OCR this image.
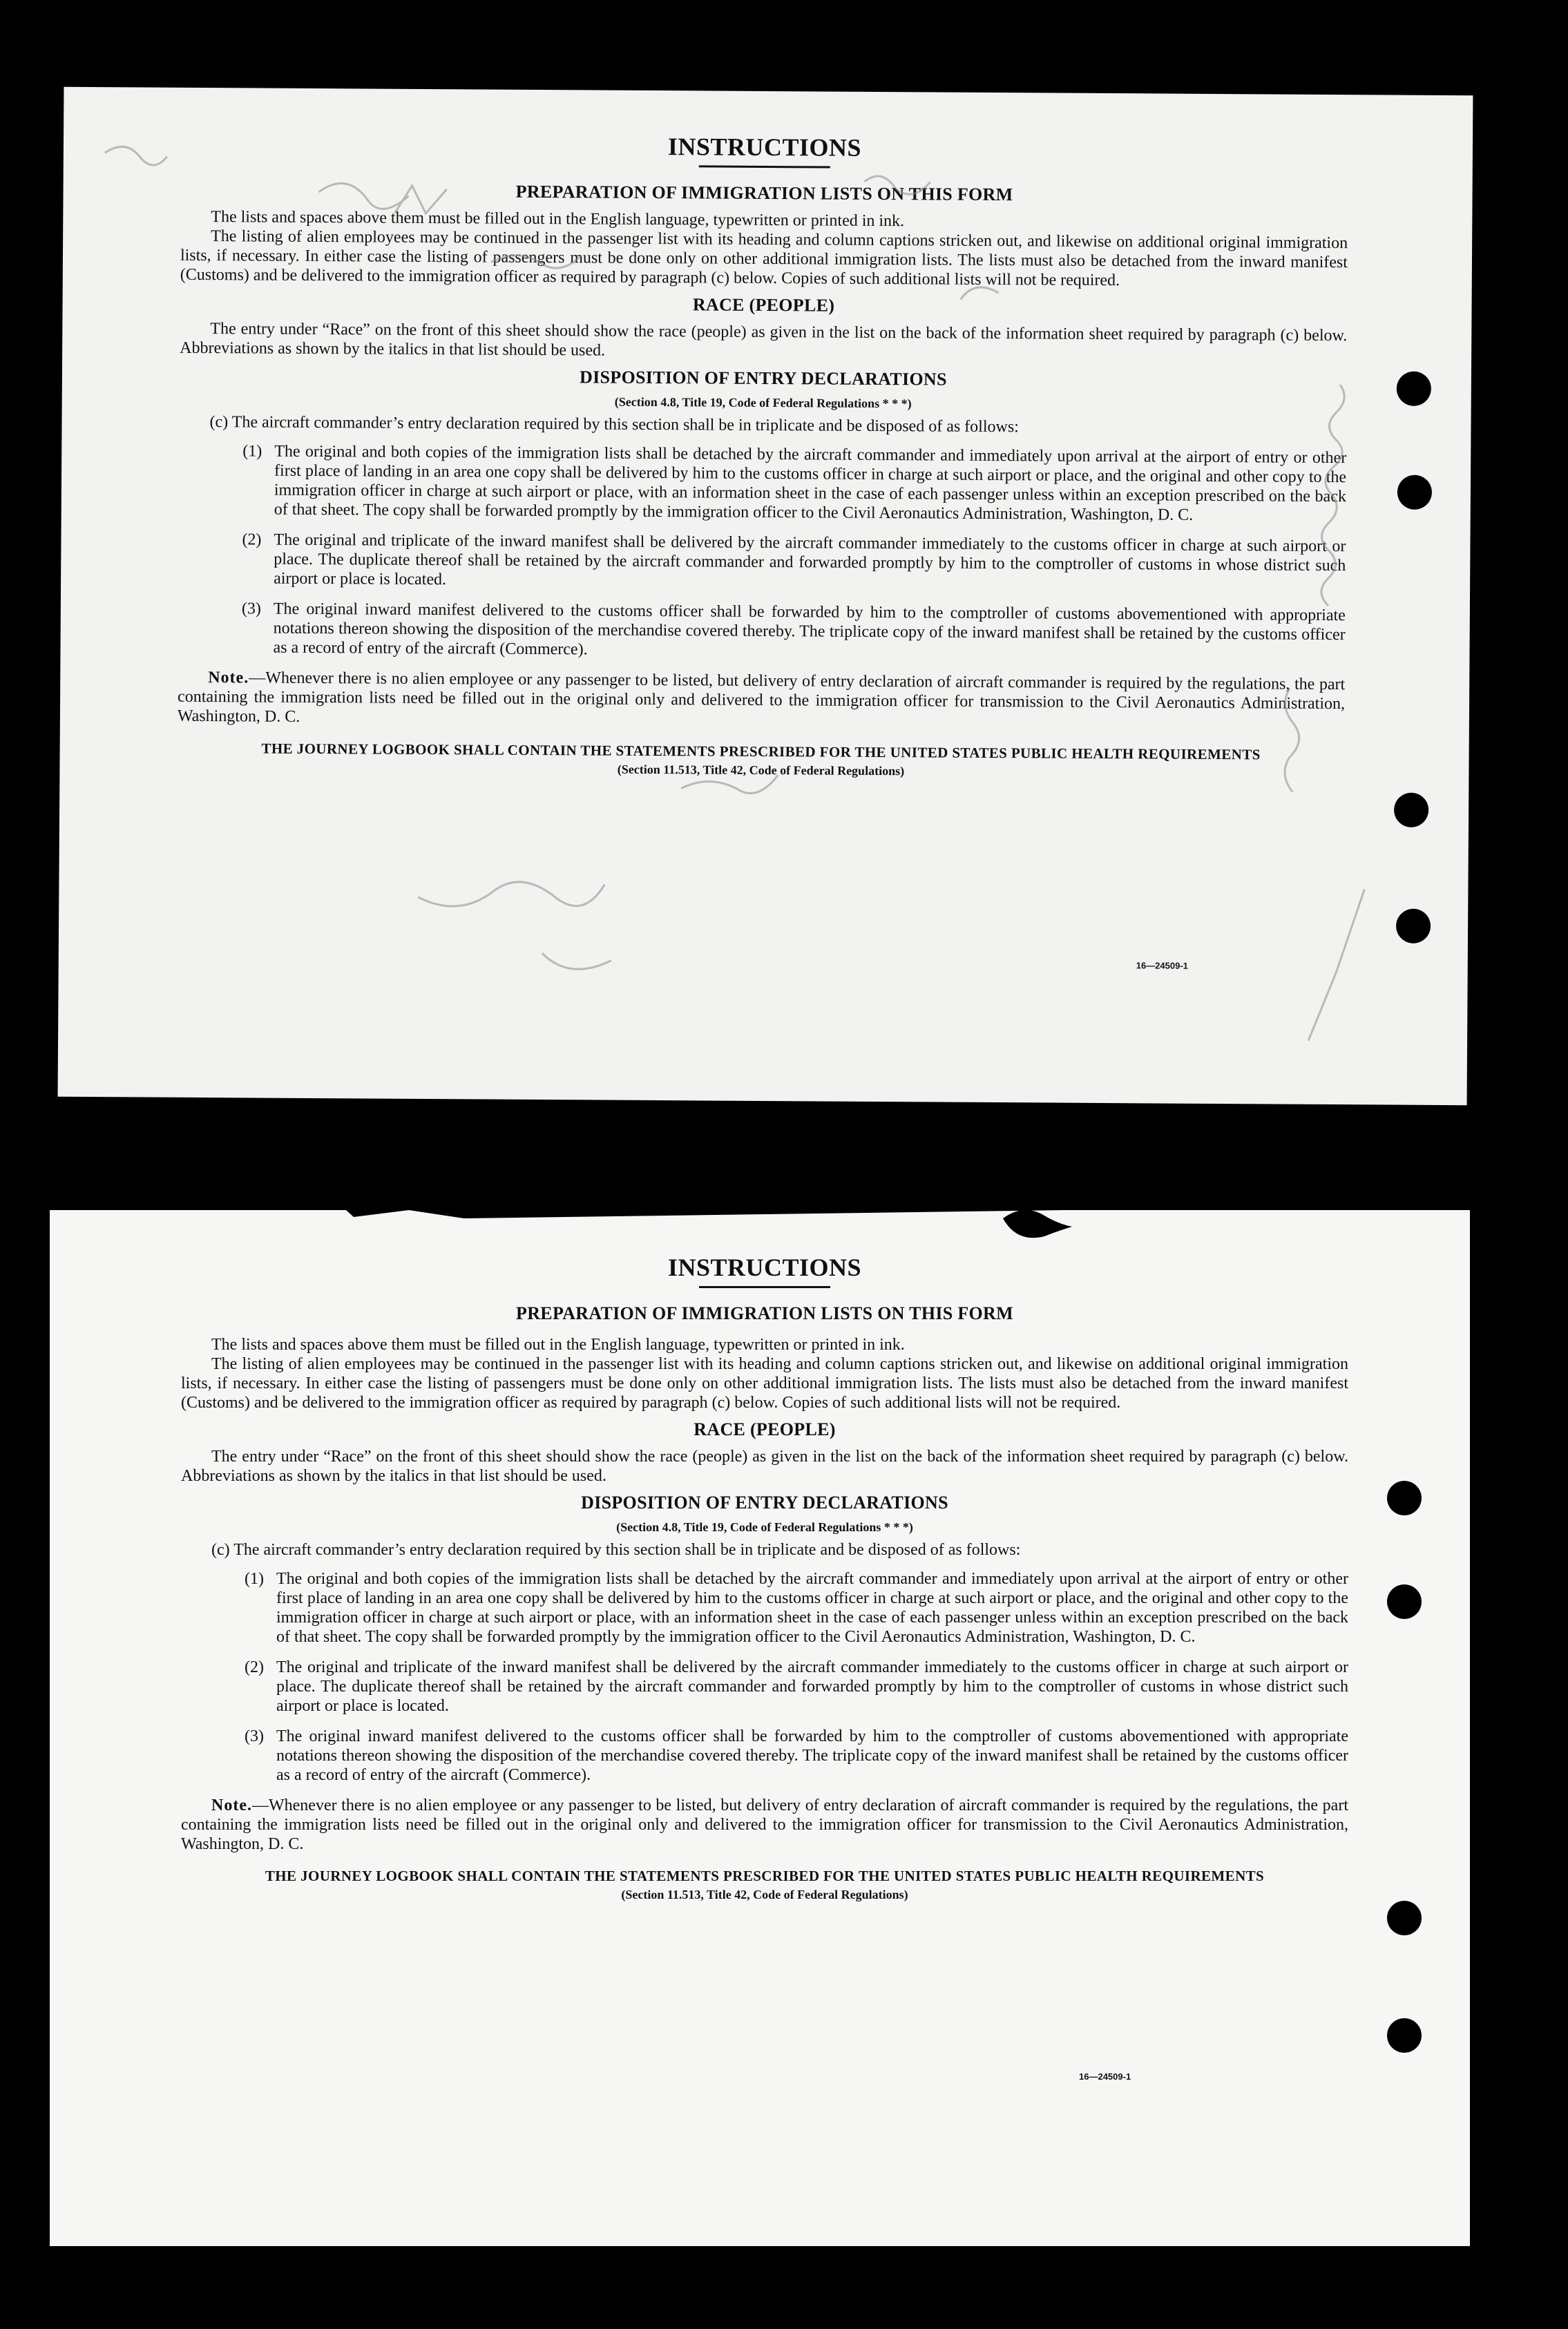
INSTRUCTIONS
PREPARATION OF IMMIGRATION LISTS ON THIS FORM

The lists and spaces above them must be filled out in the English language, typewritten or printed in ink.

The listing of alien employees may be continued in the passenger list with its heading and column captions stricken out, and likewise on additional original immigration lists, if necessary. In either case the listing of passengers must be done only on other additional immigration lists. The lists must also be detached from the inward manifest (Customs) and be delivered to the immigration officer as required by paragraph (c) below. Copies of such additional lists will not be required.

RACE (PEOPLE)

The entry under “Race” on the front of this sheet should show the race (people) as given in the list on the back of the information sheet required by paragraph (c) below. Abbreviations as shown by the italics in that list should be used.

DISPOSITION OF ENTRY DECLARATIONS
(Section 4.8, Title 19, Code of Federal Regulations * * *)

(c) The aircraft commander’s entry declaration required by this section shall be in triplicate and be disposed of as follows:

(1) The original and both copies of the immigration lists shall be detached by the aircraft commander and immediately upon arrival at the airport of entry or other first place of landing in an area one copy shall be delivered by him to the customs officer in charge at such airport or place, and the original and other copy to the immigration officer in charge at such airport or place, with an information sheet in the case of each passenger unless within an exception prescribed on the back of that sheet. The copy shall be forwarded promptly by the immigration officer to the Civil Aeronautics Administration, Washington, D. C.
(2) The original and triplicate of the inward manifest shall be delivered by the aircraft commander immediately to the customs officer in charge at such airport or place. The duplicate thereof shall be retained by the aircraft commander and forwarded promptly by him to the comptroller of customs in whose district such airport or place is located.
(3) The original inward manifest delivered to the customs officer shall be forwarded by him to the comptroller of customs abovementioned with appropriate notations thereon showing the disposition of the merchandise covered thereby. The triplicate copy of the inward manifest shall be retained by the customs officer as a record of entry of the aircraft (Commerce).

Note.—Whenever there is no alien employee or any passenger to be listed, but delivery of entry declaration of aircraft commander is required by the regulations, the part containing the immigration lists need be filled out in the original only and delivered to the immigration officer for transmission to the Civil Aeronautics Administration, Washington, D. C.

THE JOURNEY LOGBOOK SHALL CONTAIN THE STATEMENTS PRESCRIBED FOR THE UNITED STATES PUBLIC HEALTH REQUIREMENTS
(Section 11.513, Title 42, Code of Federal Regulations)
16—24509-1
INSTRUCTIONS
PREPARATION OF IMMIGRATION LISTS ON THIS FORM

The lists and spaces above them must be filled out in the English language, typewritten or printed in ink.

The listing of alien employees may be continued in the passenger list with its heading and column captions stricken out, and likewise on additional original immigration lists, if necessary. In either case the listing of passengers must be done only on other additional immigration lists. The lists must also be detached from the inward manifest (Customs) and be delivered to the immigration officer as required by paragraph (c) below. Copies of such additional lists will not be required.

RACE (PEOPLE)

The entry under “Race” on the front of this sheet should show the race (people) as given in the list on the back of the information sheet required by paragraph (c) below. Abbreviations as shown by the italics in that list should be used.

DISPOSITION OF ENTRY DECLARATIONS
(Section 4.8, Title 19, Code of Federal Regulations * * *)

(c) The aircraft commander’s entry declaration required by this section shall be in triplicate and be disposed of as follows:

(1) The original and both copies of the immigration lists shall be detached by the aircraft commander and immediately upon arrival at the airport of entry or other first place of landing in an area one copy shall be delivered by him to the customs officer in charge at such airport or place, and the original and other copy to the immigration officer in charge at such airport or place, with an information sheet in the case of each passenger unless within an exception prescribed on the back of that sheet. The copy shall be forwarded promptly by the immigration officer to the Civil Aeronautics Administration, Washington, D. C.
(2) The original and triplicate of the inward manifest shall be delivered by the aircraft commander immediately to the customs officer in charge at such airport or place. The duplicate thereof shall be retained by the aircraft commander and forwarded promptly by him to the comptroller of customs in whose district such airport or place is located.
(3) The original inward manifest delivered to the customs officer shall be forwarded by him to the comptroller of customs abovementioned with appropriate notations thereon showing the disposition of the merchandise covered thereby. The triplicate copy of the inward manifest shall be retained by the customs officer as a record of entry of the aircraft (Commerce).

Note.—Whenever there is no alien employee or any passenger to be listed, but delivery of entry declaration of aircraft commander is required by the regulations, the part containing the immigration lists need be filled out in the original only and delivered to the immigration officer for transmission to the Civil Aeronautics Administration, Washington, D. C.

THE JOURNEY LOGBOOK SHALL CONTAIN THE STATEMENTS PRESCRIBED FOR THE UNITED STATES PUBLIC HEALTH REQUIREMENTS
(Section 11.513, Title 42, Code of Federal Regulations)
16—24509-1
